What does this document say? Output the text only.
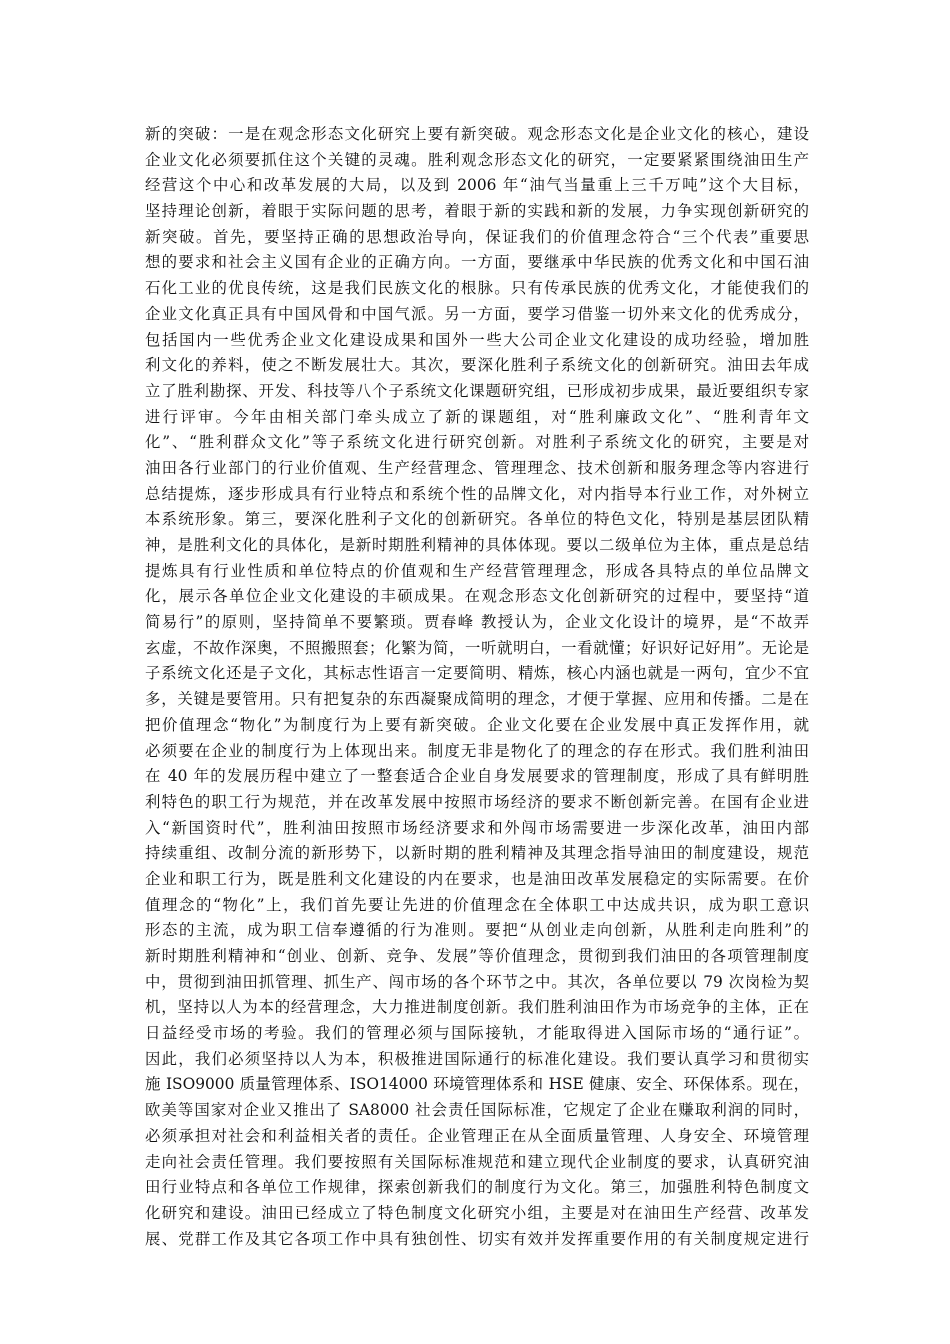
新的突破：一是在观念形态文化研究上要有新突破。观念形态文化是企业文化的核心，建设
企业文化必须要抓住这个关键的灵魂。胜利观念形态文化的研究，一定要紧紧围绕油田生产
经营这个中心和改革发展的大局，以及到 2006 年“油气当量重上三千万吨”这个大目标，
坚持理论创新，着眼于实际问题的思考，着眼于新的实践和新的发展，力争实现创新研究的
新突破。首先，要坚持正确的思想政治导向，保证我们的价值理念符合“三个代表”重要思
想的要求和社会主义国有企业的正确方向。一方面，要继承中华民族的优秀文化和中国石油
石化工业的优良传统，这是我们民族文化的根脉。只有传承民族的优秀文化，才能使我们的
企业文化真正具有中国风骨和中国气派。另一方面，要学习借鉴一切外来文化的优秀成分，
包括国内一些优秀企业文化建设成果和国外一些大公司企业文化建设的成功经验，增加胜
利文化的养料，使之不断发展壮大。其次，要深化胜利子系统文化的创新研究。油田去年成
立了胜利勘探、开发、科技等八个子系统文化课题研究组，已形成初步成果，最近要组织专家
进行评审。今年由相关部门牵头成立了新的课题组，对“胜利廉政文化”、“胜利青年文
化”、“胜利群众文化”等子系统文化进行研究创新。对胜利子系统文化的研究，主要是对
油田各行业部门的行业价值观、生产经营理念、管理理念、技术创新和服务理念等内容进行
总结提炼，逐步形成具有行业特点和系统个性的品牌文化，对内指导本行业工作，对外树立
本系统形象。第三，要深化胜利子文化的创新研究。各单位的特色文化，特别是基层团队精
神，是胜利文化的具体化，是新时期胜利精神的具体体现。要以二级单位为主体，重点是总结
提炼具有行业性质和单位特点的价值观和生产经营管理理念，形成各具特点的单位品牌文
化，展示各单位企业文化建设的丰硕成果。在观念形态文化创新研究的过程中，要坚持“道
简易行”的原则，坚持简单不要繁琐。贾春峰 教授认为，企业文化设计的境界，是“不故弄
玄虚，不故作深奥，不照搬照套；化繁为简，一听就明白，一看就懂；好识好记好用”。无论是
子系统文化还是子文化，其标志性语言一定要简明、精炼，核心内涵也就是一两句，宜少不宜
多，关键是要管用。只有把复杂的东西凝聚成简明的理念，才便于掌握、应用和传播。二是在
把价值理念“物化”为制度行为上要有新突破。企业文化要在企业发展中真正发挥作用，就
必须要在企业的制度行为上体现出来。制度无非是物化了的理念的存在形式。我们胜利油田
在 40 年的发展历程中建立了一整套适合企业自身发展要求的管理制度，形成了具有鲜明胜
利特色的职工行为规范，并在改革发展中按照市场经济的要求不断创新完善。在国有企业进
入“新国资时代”，胜利油田按照市场经济要求和外闯市场需要进一步深化改革，油田内部
持续重组、改制分流的新形势下，以新时期的胜利精神及其理念指导油田的制度建设，规范
企业和职工行为，既是胜利文化建设的内在要求，也是油田改革发展稳定的实际需要。在价
值理念的“物化”上，我们首先要让先进的价值理念在全体职工中达成共识，成为职工意识
形态的主流，成为职工信奉遵循的行为准则。要把“从创业走向创新，从胜利走向胜利”的
新时期胜利精神和“创业、创新、竞争、发展”等价值理念，贯彻到我们油田的各项管理制度
中，贯彻到油田抓管理、抓生产、闯市场的各个环节之中。其次，各单位要以 79 次岗检为契
机，坚持以人为本的经营理念，大力推进制度创新。我们胜利油田作为市场竞争的主体，正在
日益经受市场的考验。我们的管理必须与国际接轨，才能取得进入国际市场的“通行证”。
因此，我们必须坚持以人为本，积极推进国际通行的标准化建设。我们要认真学习和贯彻实
施 ISO9000 质量管理体系、ISO14000 环境管理体系和 HSE 健康、安全、环保体系。现在，
欧美等国家对企业又推出了 SA8000 社会责任国际标准，它规定了企业在赚取利润的同时，
必须承担对社会和利益相关者的责任。企业管理正在从全面质量管理、人身安全、环境管理
走向社会责任管理。我们要按照有关国际标准规范和建立现代企业制度的要求，认真研究油
田行业特点和各单位工作规律，探索创新我们的制度行为文化。第三，加强胜利特色制度文
化研究和建设。油田已经成立了特色制度文化研究小组，主要是对在油田生产经营、改革发
展、党群工作及其它各项工作中具有独创性、切实有效并发挥重要作用的有关制度规定进行
